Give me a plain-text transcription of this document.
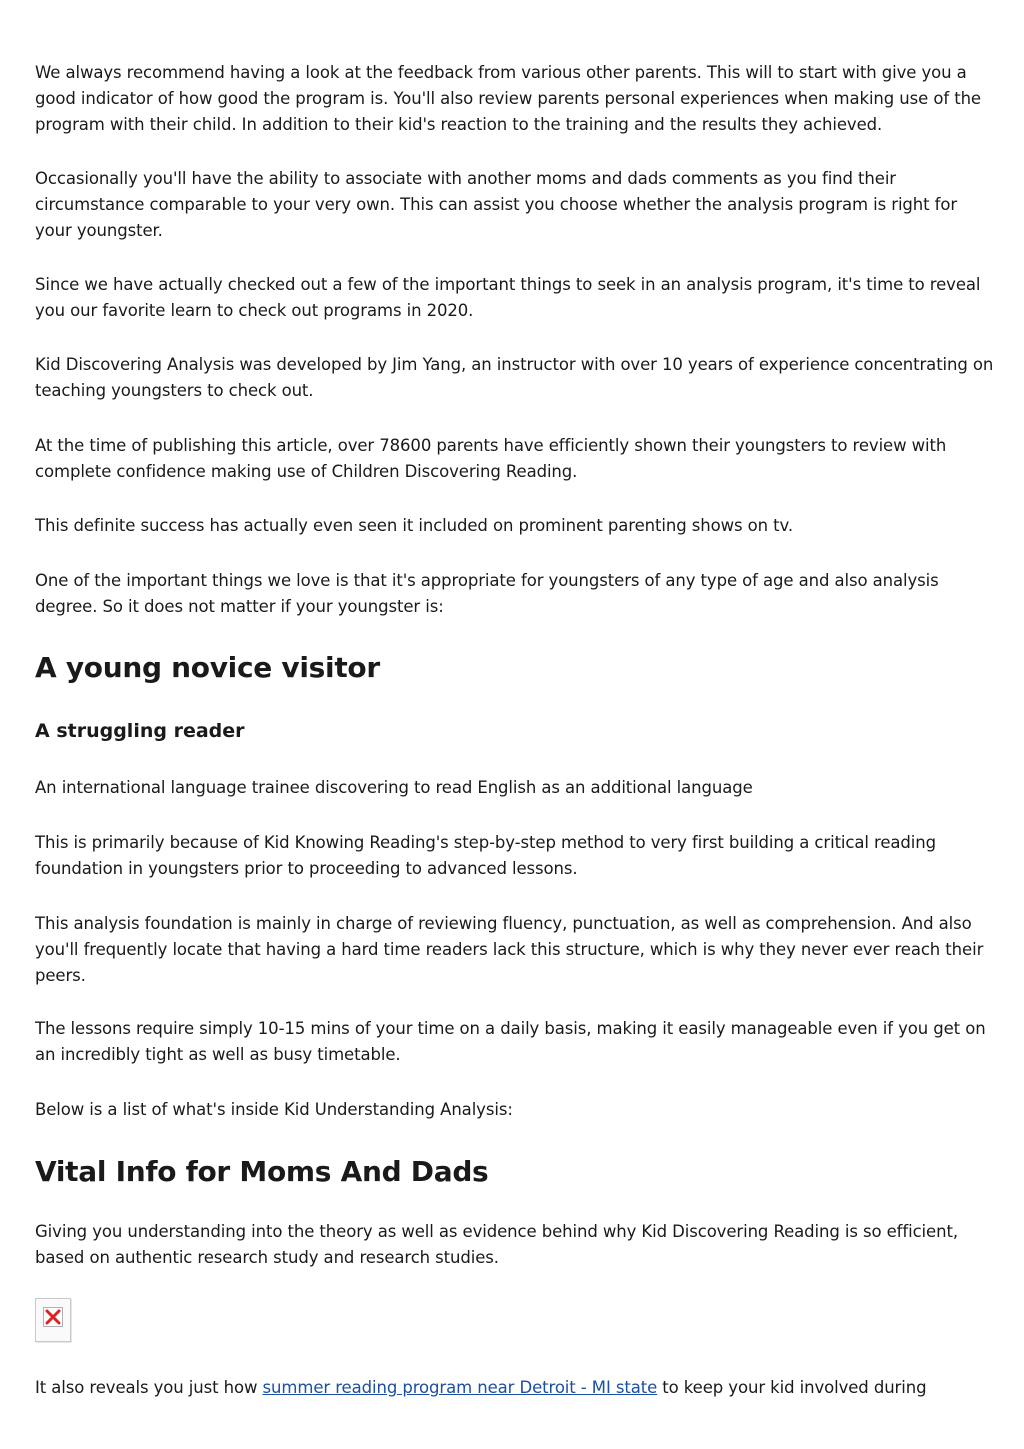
We always recommend having a look at the feedback from various other parents. This will to start with give you a good indicator of how good the program is. You'll also review parents personal experiences when making use of the program with their child. In addition to their kid's reaction to the training and the results they achieved.

Occasionally you'll have the ability to associate with another moms and dads comments as you find their circumstance comparable to your very own. This can assist you choose whether the analysis program is right for your youngster.

Since we have actually checked out a few of the important things to seek in an analysis program, it's time to reveal you our favorite learn to check out programs in 2020.

Kid Discovering Analysis was developed by Jim Yang, an instructor with over 10 years of experience concentrating on teaching youngsters to check out.

At the time of publishing this article, over 78600 parents have efficiently shown their youngsters to review with complete confidence making use of Children Discovering Reading.

This definite success has actually even seen it included on prominent parenting shows on tv.

One of the important things we love is that it's appropriate for youngsters of any type of age and also analysis degree. So it does not matter if your youngster is:

A young novice visitor
A struggling reader

An international language trainee discovering to read English as an additional language

This is primarily because of Kid Knowing Reading's step-by-step method to very first building a critical reading foundation in youngsters prior to proceeding to advanced lessons.

This analysis foundation is mainly in charge of reviewing fluency, punctuation, as well as comprehension. And also you'll frequently locate that having a hard time readers lack this structure, which is why they never ever reach their peers.

The lessons require simply 10-15 mins of your time on a daily basis, making it easily manageable even if you get on an incredibly tight as well as busy timetable.

Below is a list of what's inside Kid Understanding Analysis:

Vital Info for Moms And Dads

Giving you understanding into the theory as well as evidence behind why Kid Discovering Reading is so efficient, based on authentic research study and research studies.

It also reveals you just how summer reading program near Detroit - MI state to keep your kid involved during
